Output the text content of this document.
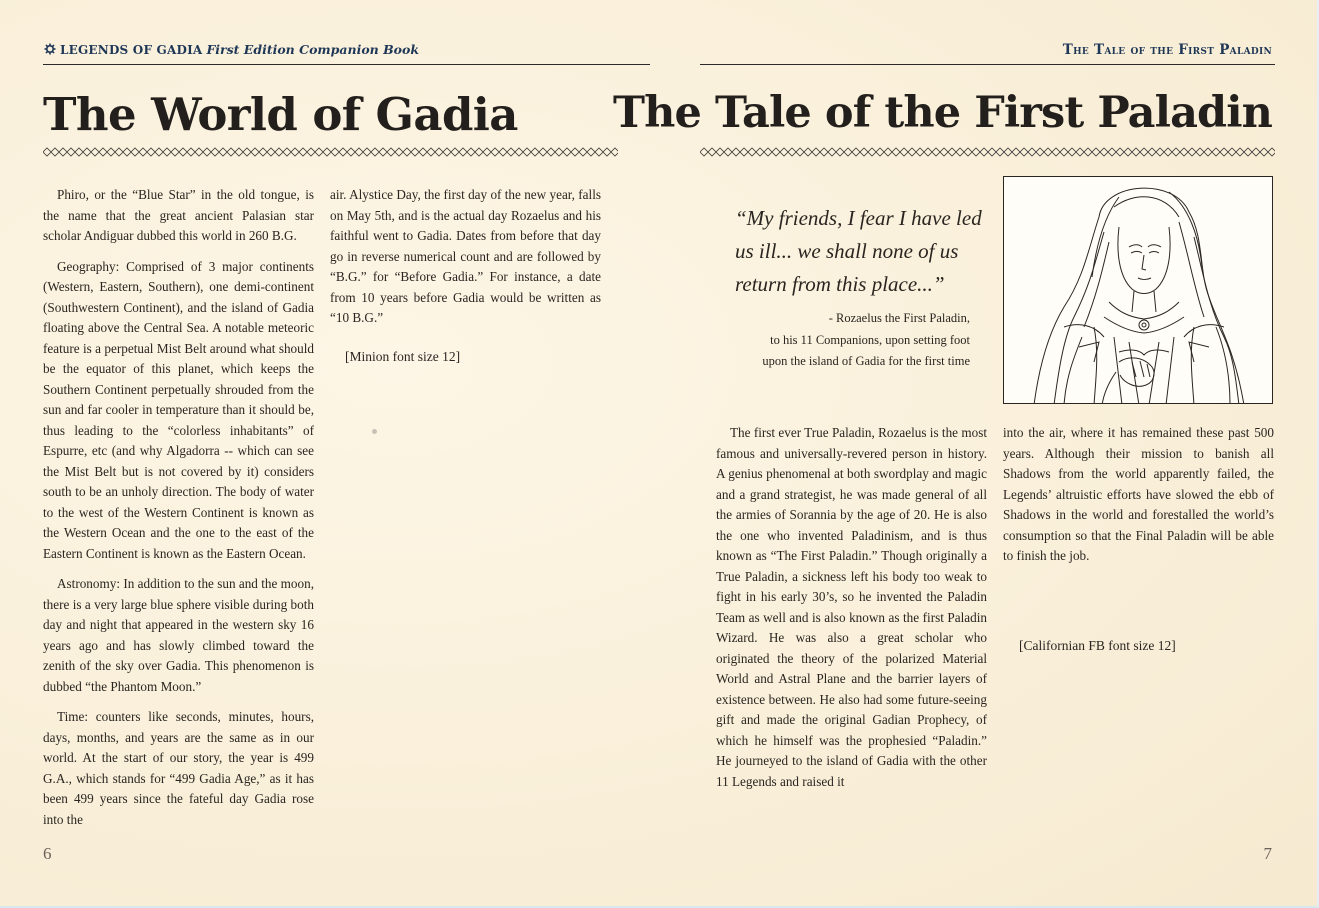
LEGENDS OF GADIA First Edition Companion Book
The World of Gadia

Phiro, or the “Blue Star” in the old tongue, is the name that the great ancient Palasian star scholar Andiguar dubbed this world in 260 B.G.

Geography: Comprised of 3 major continents (Western, Eastern, Southern), one demi-continent (Southwestern Continent), and the island of Gadia floating above the Central Sea. A notable meteoric feature is a perpetual Mist Belt around what should be the equator of this planet, which keeps the Southern Continent perpetually shrouded from the sun and far cooler in temperature than it should be, thus leading to the “colorless inhabitants” of Espurre, etc (and why Algadorra -- which can see the Mist Belt but is not covered by it) considers south to be an unholy direction. The body of water to the west of the Western Continent is known as the Western Ocean and the one to the east of the Eastern Continent is known as the Eastern Ocean.

Astronomy: In addition to the sun and the moon, there is a very large blue sphere visible during both day and night that appeared in the western sky 16 years ago and has slowly climbed toward the zenith of the sky over Gadia. This phenomenon is dubbed “the Phantom Moon.”

Time: counters like seconds, minutes, hours, days, months, and years are the same as in our world. At the start of our story, the year is 499 G.A., which stands for “499 Gadia Age,” as it has been 499 years since the fateful day Gadia rose into the

air. Alystice Day, the first day of the new year, falls on May 5th, and is the actual day Rozaelus and his faithful went to Gadia. Dates from before that day go in reverse numerical count and are followed by “B.G.” for “Before Gadia.” For instance, a date from 10 years before Gadia would be written as “10 B.G.”

[Minion font size 12]
6
The Tale of the First Paladin
The Tale of the First Paladin
“My friends, I fear I have led us ill... we shall none of us return from this place...”
- Rozaelus the First Paladin,
to his 11 Companions, upon setting foot
upon the island of Gadia for the first time

The first ever True Paladin, Rozaelus is the most famous and universally-revered person in history. A genius phenomenal at both swordplay and magic and a grand strategist, he was made general of all the armies of Sorannia by the age of 20. He is also the one who invented Paladinism, and is thus known as “The First Paladin.” Though originally a True Paladin, a sickness left his body too weak to fight in his early 30’s, so he invented the Paladin Team as well and is also known as the first Paladin Wizard. He was also a great scholar who originated the theory of the polarized Material World and Astral Plane and the barrier layers of existence between. He also had some future-seeing gift and made the original Gadian Prophecy, of which he himself was the prophesied “Paladin.” He journeyed to the island of Gadia with the other 11 Legends and raised it

into the air, where it has remained these past 500 years. Although their mission to banish all Shadows from the world apparently failed, the Legends’ altruistic efforts have slowed the ebb of Shadows in the world and forestalled the world’s consumption so that the Final Paladin will be able to finish the job.

[Californian FB font size 12]
7
